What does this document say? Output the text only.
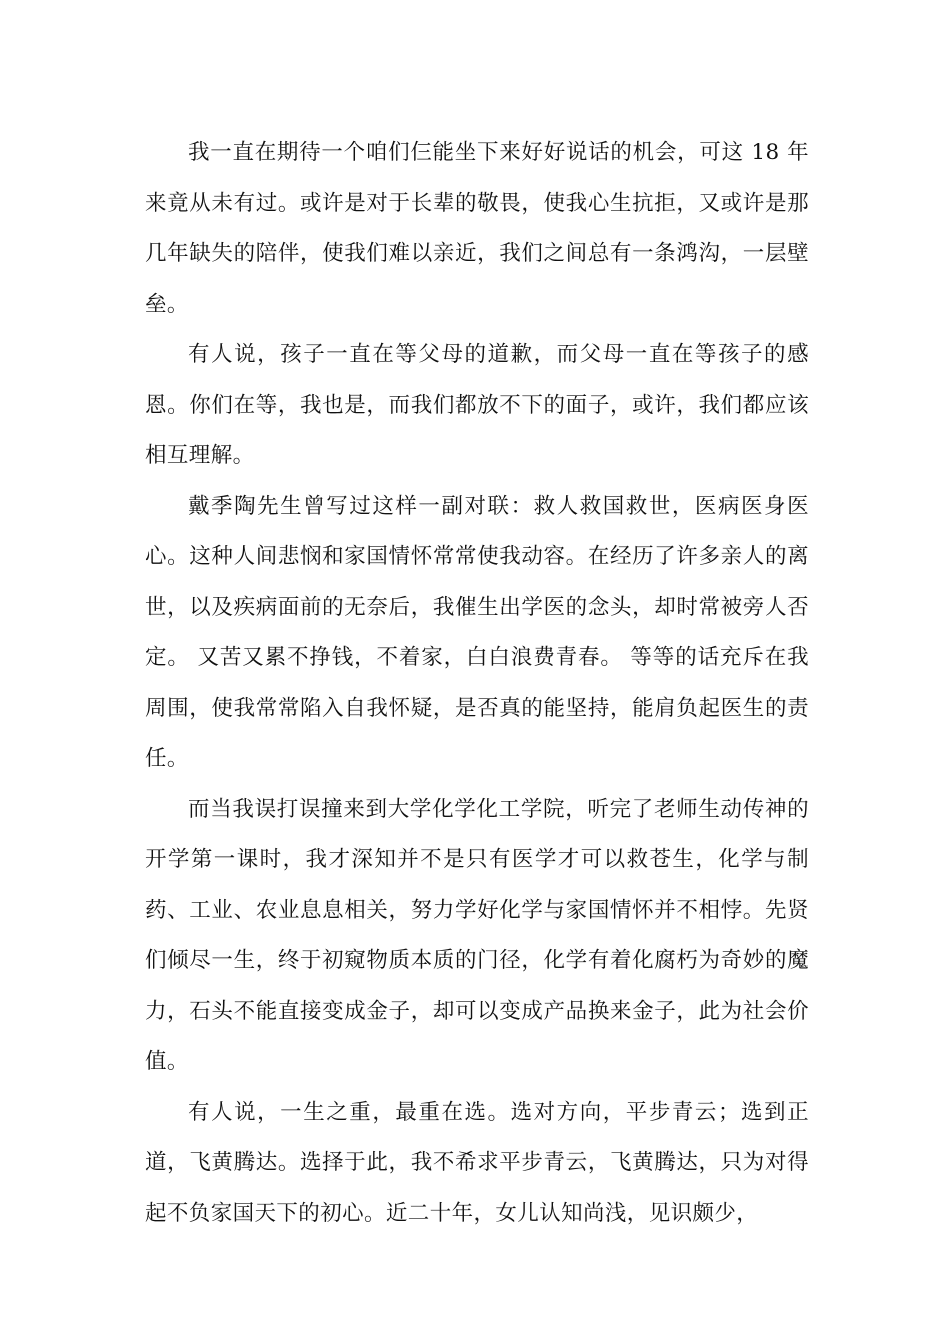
我一直在期待一个咱们仨能坐下来好好说话的机会，可这 18 年来竟从未有过。或许是对于长辈的敬畏，使我心生抗拒，又或许是那几年缺失的陪伴，使我们难以亲近，我们之间总有一条鸿沟，一层壁垒。

有人说，孩子一直在等父母的道歉，而父母一直在等孩子的感恩。你们在等，我也是，而我们都放不下的面子，或许，我们都应该相互理解。

戴季陶先生曾写过这样一副对联：救人救国救世，医病医身医心。这种人间悲悯和家国情怀常常使我动容。在经历了许多亲人的离世，以及疾病面前的无奈后，我催生出学医的念头，却时常被旁人否定。 又苦又累不挣钱，不着家，白白浪费青春。 等等的话充斥在我周围，使我常常陷入自我怀疑，是否真的能坚持，能肩负起医生的责任。

而当我误打误撞来到大学化学化工学院，听完了老师生动传神的开学第一课时，我才深知并不是只有医学才可以救苍生，化学与制药、工业、农业息息相关，努力学好化学与家国情怀并不相悖。先贤们倾尽一生，终于初窥物质本质的门径，化学有着化腐朽为奇妙的魔力，石头不能直接变成金子，却可以变成产品换来金子，此为社会价值。

有人说，一生之重，最重在选。选对方向，平步青云；选到正道，飞黄腾达。选择于此，我不希求平步青云，飞黄腾达，只为对得起不负家国天下的初心。近二十年，女儿认知尚浅，见识颇少，
